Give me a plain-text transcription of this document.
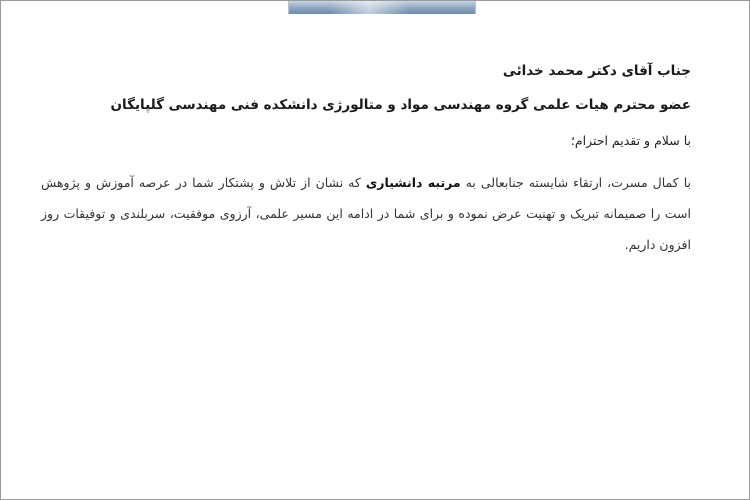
جناب آقای دکتر محمد خدائی

عضو محترم هیات علمی گروه مهندسی مواد و متالورژی دانشکده فنی مهندسی گلپایگان

با سلام و تقدیم احترام؛

با کمال مسرت، ارتقاء شایسته جنابعالی به مرتبه دانشیاری که نشان از تلاش و پشتکار شما در عرصه آموزش و پژوهش است را صمیمانه تبریک و تهنیت عرض نموده و برای شما در ادامه این مسیر علمی، آرزوی موفقیت، سربلندی و توفیقات روز افزون داریم.
